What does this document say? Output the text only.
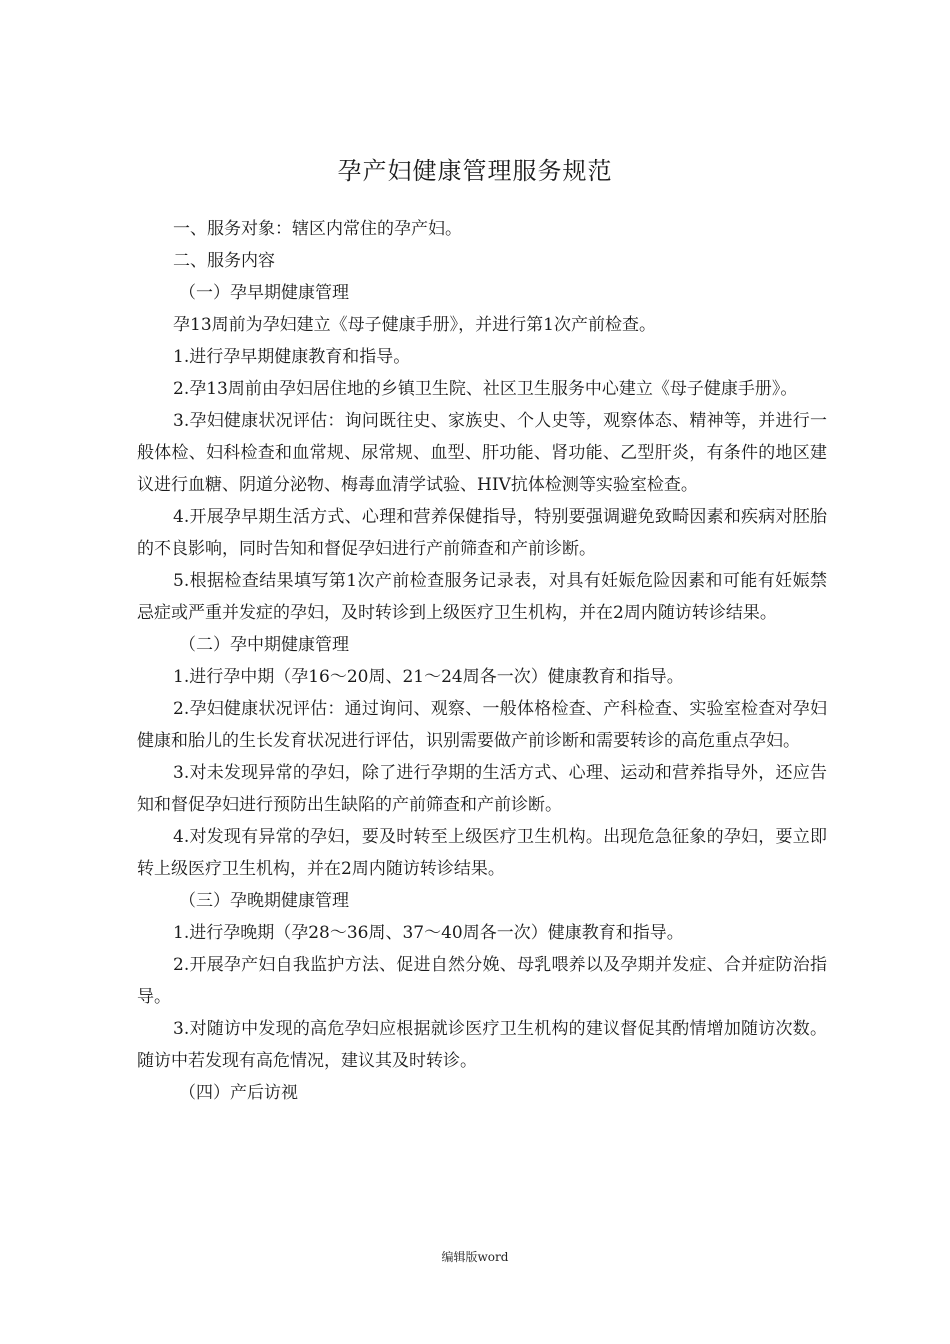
孕产妇健康管理服务规范

一、服务对象：辖区内常住的孕产妇。

二、服务内容

（一）孕早期健康管理

孕13周前为孕妇建立《母子健康手册》，并进行第1次产前检查。

1.进行孕早期健康教育和指导。

2.孕13周前由孕妇居住地的乡镇卫生院、社区卫生服务中心建立《母子健康手册》。

3.孕妇健康状况评估：询问既往史、家族史、个人史等，观察体态、精神等，并进行一般体检、妇科检查和血常规、尿常规、血型、肝功能、肾功能、乙型肝炎，有条件的地区建议进行血糖、阴道分泌物、梅毒血清学试验、HIV抗体检测等实验室检查。

4.开展孕早期生活方式、心理和营养保健指导，特别要强调避免致畸因素和疾病对胚胎的不良影响，同时告知和督促孕妇进行产前筛查和产前诊断。

5.根据检查结果填写第1次产前检查服务记录表，对具有妊娠危险因素和可能有妊娠禁忌症或严重并发症的孕妇，及时转诊到上级医疗卫生机构，并在2周内随访转诊结果。

（二）孕中期健康管理

1.进行孕中期（孕16～20周、21～24周各一次）健康教育和指导。

2.孕妇健康状况评估：通过询问、观察、一般体格检查、产科检查、实验室检查对孕妇健康和胎儿的生长发育状况进行评估，识别需要做产前诊断和需要转诊的高危重点孕妇。

3.对未发现异常的孕妇，除了进行孕期的生活方式、心理、运动和营养指导外，还应告知和督促孕妇进行预防出生缺陷的产前筛查和产前诊断。

4.对发现有异常的孕妇，要及时转至上级医疗卫生机构。出现危急征象的孕妇，要立即转上级医疗卫生机构，并在2周内随访转诊结果。

（三）孕晚期健康管理

1.进行孕晚期（孕28～36周、37～40周各一次）健康教育和指导。

2.开展孕产妇自我监护方法、促进自然分娩、母乳喂养以及孕期并发症、合并症防治指导。

3.对随访中发现的高危孕妇应根据就诊医疗卫生机构的建议督促其酌情增加随访次数。随访中若发现有高危情况，建议其及时转诊。

（四）产后访视

编辑版word
